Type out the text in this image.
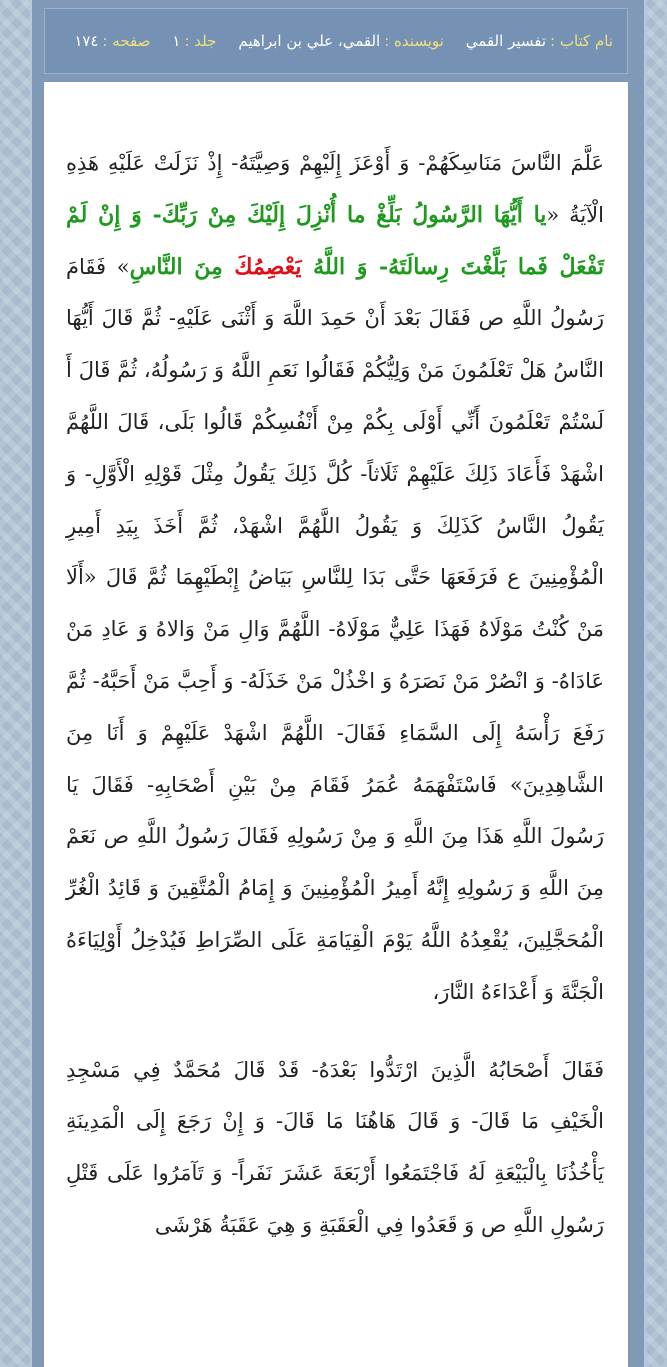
نام كتاب :
تفسير القمي
نويسنده :
القمي، علي بن ابراهيم
جلد :
١
صفحه :
١٧٤

عَلَّمَ النَّاسَ مَنَاسِكَهُمْ- وَ أَوْعَزَ إِلَيْهِمْ وَصِيَّتَهُ- إِذْ نَزَلَتْ عَلَيْهِ هَذِهِ الْآيَةُ «يا أَيُّهَا الرَّسُولُ بَلِّغْ ما أُنْزِلَ إِلَيْكَ مِنْ رَبِّكَ- وَ إِنْ لَمْ تَفْعَلْ فَما بَلَّغْتَ رِسالَتَهُ- وَ اللَّهُ يَعْصِمُكَ مِنَ النَّاسِ» فَقَامَ رَسُولُ اللَّهِ ص فَقَالَ بَعْدَ أَنْ حَمِدَ اللَّهَ وَ أَثْنَى عَلَيْهِ- ثُمَّ قَالَ أَيُّهَا النَّاسُ هَلْ تَعْلَمُونَ مَنْ وَلِيُّكُمْ فَقَالُوا نَعَمِ اللَّهُ وَ رَسُولُهُ، ثُمَّ قَالَ أَ لَسْتُمْ تَعْلَمُونَ أَنِّي أَوْلَى بِكُمْ مِنْ أَنْفُسِكُمْ قَالُوا بَلَى، قَالَ اللَّهُمَّ اشْهَدْ فَأَعَادَ ذَلِكَ عَلَيْهِمْ ثَلَاثاً- كُلَّ ذَلِكَ يَقُولُ مِثْلَ قَوْلِهِ الْأَوَّلِ- وَ يَقُولُ النَّاسُ كَذَلِكَ وَ يَقُولُ اللَّهُمَّ اشْهَدْ، ثُمَّ أَخَذَ بِيَدِ أَمِيرِ الْمُؤْمِنِينَ ع فَرَفَعَهَا حَتَّى بَدَا لِلنَّاسِ بَيَاضُ إِبْطَيْهِمَا ثُمَّ قَالَ «أَلَا مَنْ كُنْتُ مَوْلَاهُ فَهَذَا عَلِيٌّ مَوْلَاهُ- اللَّهُمَّ وَالِ مَنْ وَالاهُ وَ عَادِ مَنْ عَادَاهُ- وَ انْصُرْ مَنْ نَصَرَهُ وَ اخْذُلْ مَنْ خَذَلَهُ- وَ أَحِبَّ مَنْ أَحَبَّهُ- ثُمَّ رَفَعَ رَأْسَهُ إِلَى السَّمَاءِ فَقَالَ- اللَّهُمَّ اشْهَدْ عَلَيْهِمْ وَ أَنَا مِنَ الشَّاهِدِينَ» فَاسْتَفْهَمَهُ عُمَرُ فَقَامَ مِنْ بَيْنِ أَصْحَابِهِ- فَقَالَ يَا رَسُولَ اللَّهِ هَذَا مِنَ اللَّهِ وَ مِنْ رَسُولِهِ فَقَالَ رَسُولُ اللَّهِ ص نَعَمْ مِنَ اللَّهِ وَ رَسُولِهِ إِنَّهُ أَمِيرُ الْمُؤْمِنِينَ وَ إِمَامُ الْمُتَّقِينَ وَ قَائِدُ الْغُرِّ الْمُحَجَّلِينَ، يُقْعِدُهُ اللَّهُ يَوْمَ الْقِيَامَةِ عَلَى الصِّرَاطِ فَيُدْخِلُ أَوْلِيَاءَهُ الْجَنَّةَ وَ أَعْدَاءَهُ النَّارَ،

فَقَالَ أَصْحَابُهُ الَّذِينَ ارْتَدُّوا بَعْدَهُ- قَدْ قَالَ مُحَمَّدٌ فِي مَسْجِدِ الْخَيْفِ مَا قَالَ- وَ قَالَ هَاهُنَا مَا قَالَ- وَ إِنْ رَجَعَ إِلَى الْمَدِينَةِ يَأْخُذُنَا بِالْبَيْعَةِ لَهُ فَاجْتَمَعُوا أَرْبَعَةَ عَشَرَ نَفَراً- وَ تَآمَرُوا عَلَى قَتْلِ رَسُولِ اللَّهِ ص وَ قَعَدُوا فِي الْعَقَبَةِ وَ هِيَ عَقَبَةُ هَرْشَى
